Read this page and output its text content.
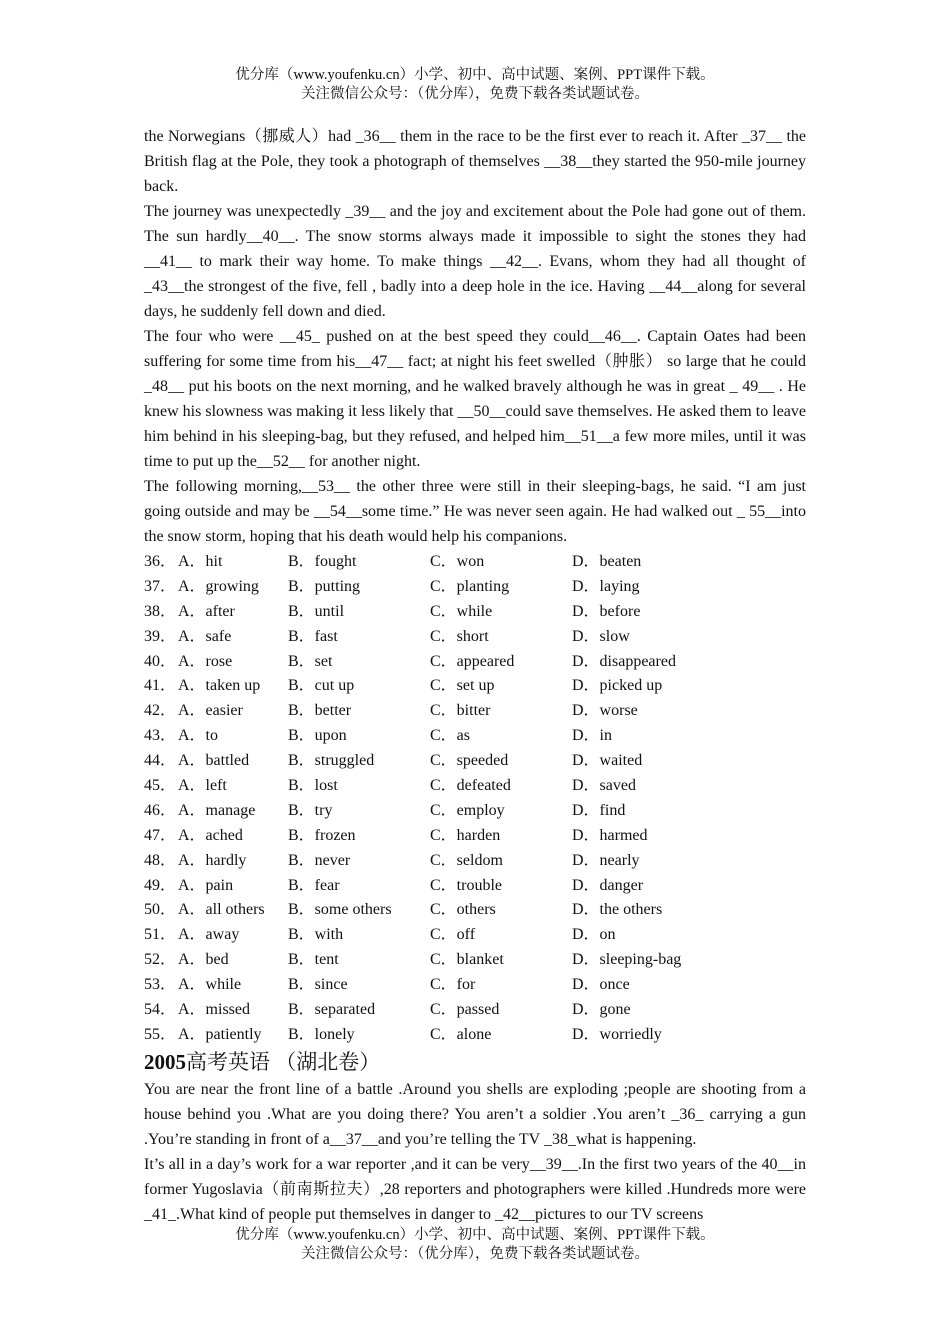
优分库（www.youfenku.cn）小学、初中、高中试题、案例、PPT课件下载。
关注微信公众号：（优分库），免费下载各类试题试卷。

the Norwegians（挪威人）had _36__ them in the race to be the first ever to reach it. After _37__ the British flag at the Pole, they took a photograph of themselves __38__they started the 950-mile journey back.

The journey was unexpectedly _39__ and the joy and excitement about the Pole had gone out of them. The sun hardly__40__. The snow storms always made it impossible to sight the stones they had __41__ to mark their way home. To make things __42__. Evans, whom they had all thought of _43__the strongest of the five, fell , badly into a deep hole in the ice. Having __44__along for several days, he suddenly fell down and died.

The four who were __45_ pushed on at the best speed they could__46__. Captain Oates had been suffering for some time from his__47__ fact; at night his feet swelled（肿胀） so large that he could _48__ put his boots on the next morning, and he walked bravely although he was in great _ 49__ . He knew his slowness was making it less likely that __50__could save themselves. He asked them to leave him behind in his sleeping-bag, but they refused, and helped him__51__a few more miles, until it was time to put up the__52__ for another night.

The following morning,__53__ the other three were still in their sleeping-bags, he said. “I am just going outside and may be __54__some time.” He was never seen again. He had walked out _ 55__into the snow storm, hoping that his death would help his companions.

36． A．hit	B．fought	C．won	D．beaten
37． A．growing B．putting	C．planting	D．laying
38． A．after	B．until	C．while	D．before
39． A．safe	B．fast	C．short	D．slow
40． A．rose	B．set	C．appeared	D．disappeared
41． A．taken up B．cut up	C．set up	D．picked up
42． A．easier	B．better	C．bitter	D．worse
43． A．to	B．upon	C．as	D．in
44． A．battled B．struggled	C．speeded	D．waited
45． A．left	B．lost	C．defeated	D．saved
46． A．manage B．try	C．employ	D．find
47． A．ached	B．frozen	C．harden	D．harmed
48． A．hardly	B．never	C．seldom	D．nearly
49． A．pain	B．fear	C．trouble	D．danger
50． A．all others B．some others C．others	D．the others
51． A．away	B．with	C．off	D．on
52． A．bed	B．tent	C．blanket	D．sleeping-bag
53． A．while	B．since	C．for	D．once
54． A．missed B．separated	C．passed	D．gone
55． A．patiently B．lonely	C．alone	D．worriedly
2005高考英语 （湖北卷）

You are near the front line of a battle .Around you shells are exploding ;people are shooting from a house behind you .What are you doing there? You aren’t a soldier .You aren’t _36_ carrying a gun .You’re standing in front of a__37__and you’re telling the TV _38_what is happening.

It’s all in a day’s work for a war reporter ,and it can be very__39__.In the first two years of the 40__in former Yugoslavia（前南斯拉夫）,28 reporters and photographers were killed .Hundreds more were _41_.What kind of people put themselves in danger to _42__pictures to our TV screens

优分库（www.youfenku.cn）小学、初中、高中试题、案例、PPT课件下载。
关注微信公众号：（优分库），免费下载各类试题试卷。
